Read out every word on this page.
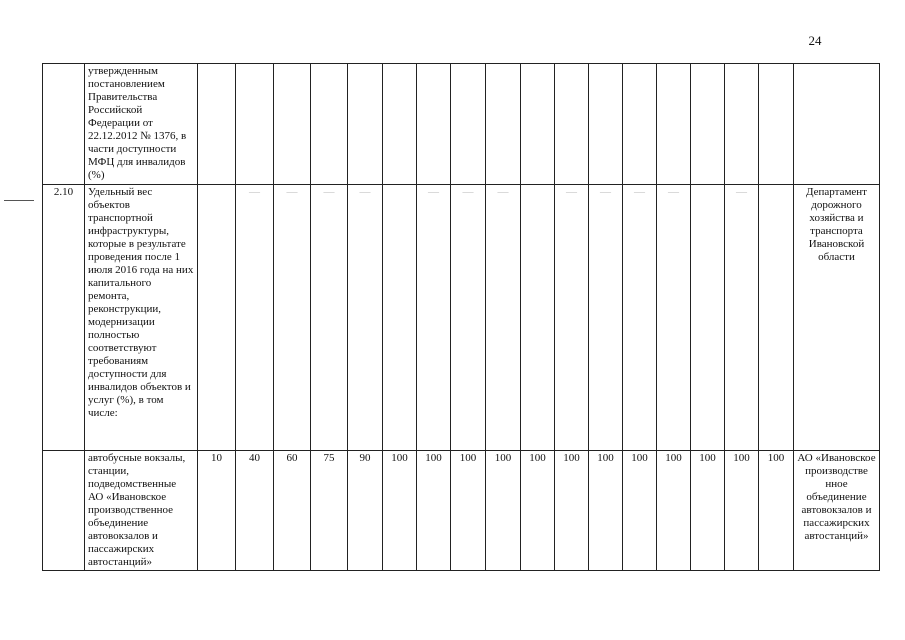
24
	утвержденным постановлением Правительства Российской Федерации от 22.12.2012 № 1376, в части доступности МФЦ для инвалидов (%)																		
2.10	Удельный вес объектов транспортной инфраструктуры, которые в результате проведения после 1 июля 2016 года на них капитального ремонта, реконструкции, модернизации полностью соответствуют требованиям доступности для инвалидов объектов и услуг (%), в том числе:		—	—	—	—		—	—	—		—	—	—	—		—		Департамент дорожного хозяйства и транспорта Ивановской области
	автобусные вокзалы, станции, подведомственные АО «Ивановское производственное объединение автовокзалов и пассажирских автостанций»	10	40	60	75	90	100	100	100	100	100	100	100	100	100	100	100	100	АО «Ивановское производстве нное объединение автовокзалов и пассажирских автостанций»
